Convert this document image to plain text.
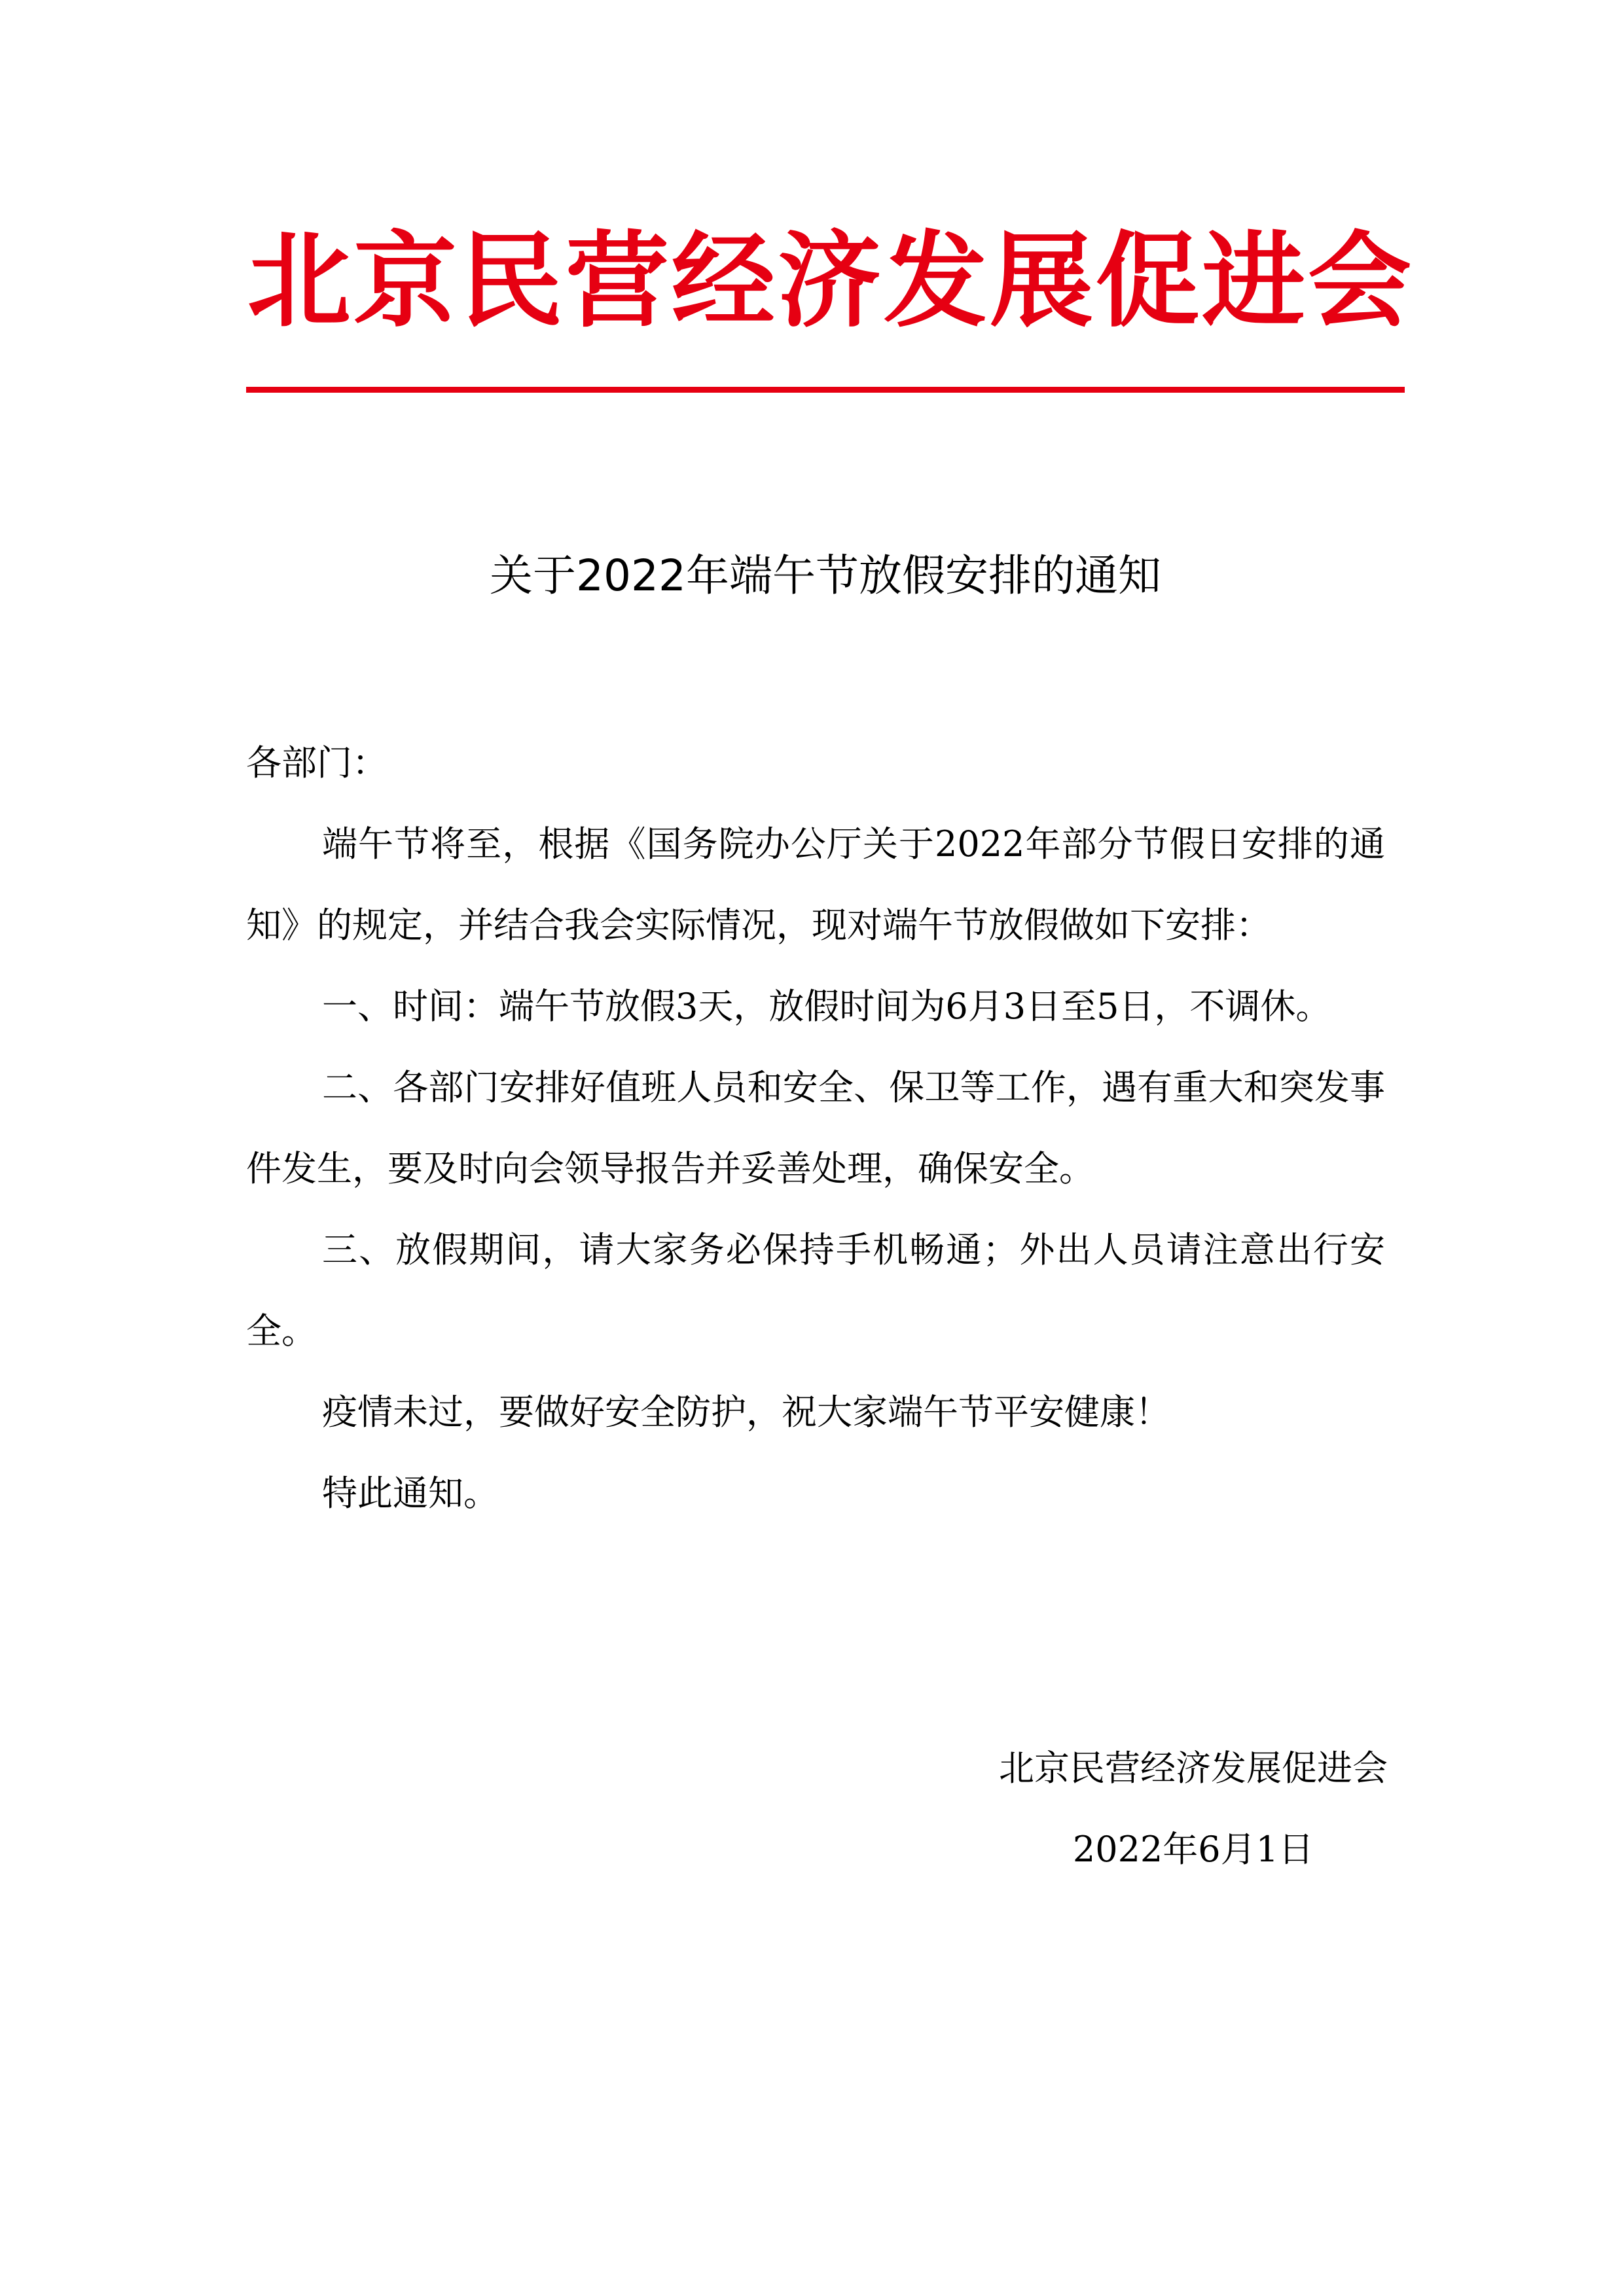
北京民营经济发展促进会
关于2022年端午节放假安排的通知

各部门：

端午节将至，根据《国务院办公厅关于2022年部分节假日安排的通知》的规定，并结合我会实际情况，现对端午节放假做如下安排：

一、时间：端午节放假3天，放假时间为6月3日至5日，不调休。

二、各部门安排好值班人员和安全、保卫等工作，遇有重大和突发事件发生，要及时向会领导报告并妥善处理，确保安全。

三、放假期间，请大家务必保持手机畅通；外出人员请注意出行安全。

疫情未过，要做好安全防护，祝大家端午节平安健康！

特此通知。

北京民营经济发展促进会
2022年6月1日
